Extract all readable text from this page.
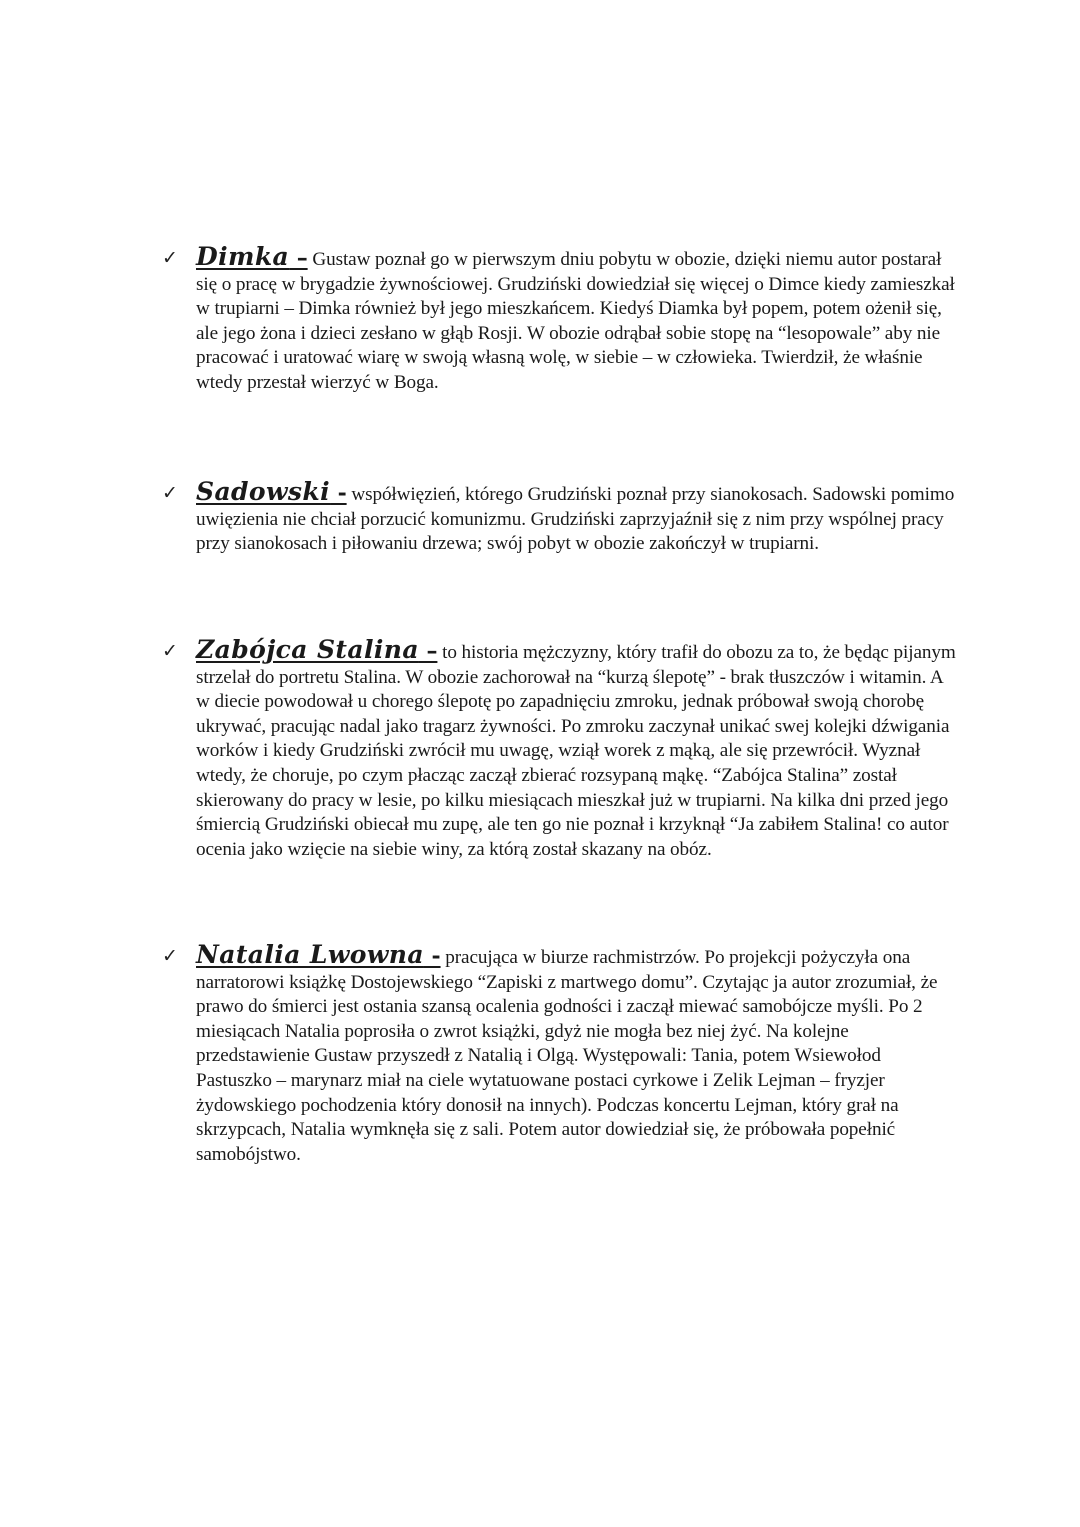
✓ Dimka – Gustaw poznał go w pierwszym dniu pobytu w obozie, dzięki niemu autor postarał się o pracę w brygadzie żywnościowej. Grudziński dowiedział się więcej o Dimce kiedy zamieszkał w trupiarni – Dimka również był jego mieszkańcem. Kiedyś Diamka był popem, potem ożenił się, ale jego żona i dzieci zesłano w głąb Rosji. W obozie odrąbał sobie stopę na “lesopowale” aby nie pracować i uratować wiarę w swoją własną wolę, w siebie – w człowieka. Twierdził, że właśnie wtedy przestał wierzyć w Boga.
✓ Sadowski - współwięzień, którego Grudziński poznał przy sianokosach. Sadowski pomimo uwięzienia nie chciał porzucić komunizmu. Grudziński zaprzyjaźnił się z nim przy wspólnej pracy przy sianokosach i piłowaniu drzewa; swój pobyt w obozie zakończył w trupiarni.
✓ Zabójca Stalina – to historia mężczyzny, który trafił do obozu za to, że będąc pijanym strzelał do portretu Stalina. W obozie zachorował na “kurzą ślepotę” - brak tłuszczów i witamin. A w diecie powodował u chorego ślepotę po zapadnięciu zmroku, jednak próbował swoją chorobę ukrywać, pracując nadal jako tragarz żywności. Po zmroku zaczynał unikać swej kolejki dźwigania worków i kiedy Grudziński zwrócił mu uwagę, wziął worek z mąką, ale się przewrócił. Wyznał wtedy, że choruje, po czym płacząc zaczął zbierać rozsypaną mąkę. “Zabójca Stalina” został skierowany do pracy w lesie, po kilku miesiącach mieszkał już w trupiarni. Na kilka dni przed jego śmiercią Grudziński obiecał mu zupę, ale ten go nie poznał i krzyknął “Ja zabiłem Stalina! co autor ocenia jako wzięcie na siebie winy, za którą został skazany na obóz.
✓ Natalia Lwowna - pracująca w biurze rachmistrzów. Po projekcji pożyczyła ona narratorowi książkę Dostojewskiego “Zapiski z martwego domu”. Czytając ja autor zrozumiał, że prawo do śmierci jest ostania szansą ocalenia godności i zaczął miewać samobójcze myśli. Po 2 miesiącach Natalia poprosiła o zwrot książki, gdyż nie mogła bez niej żyć. Na kolejne przedstawienie Gustaw przyszedł z Natalią i Olgą. Występowali: Tania, potem Wsiewołod Pastuszko – marynarz miał na ciele wytatuowane postaci cyrkowe i Zelik Lejman – fryzjer żydowskiego pochodzenia który donosił na innych). Podczas koncertu Lejman, który grał na skrzypcach, Natalia wymknęła się z sali. Potem autor dowiedział się, że próbowała popełnić samobójstwo.
